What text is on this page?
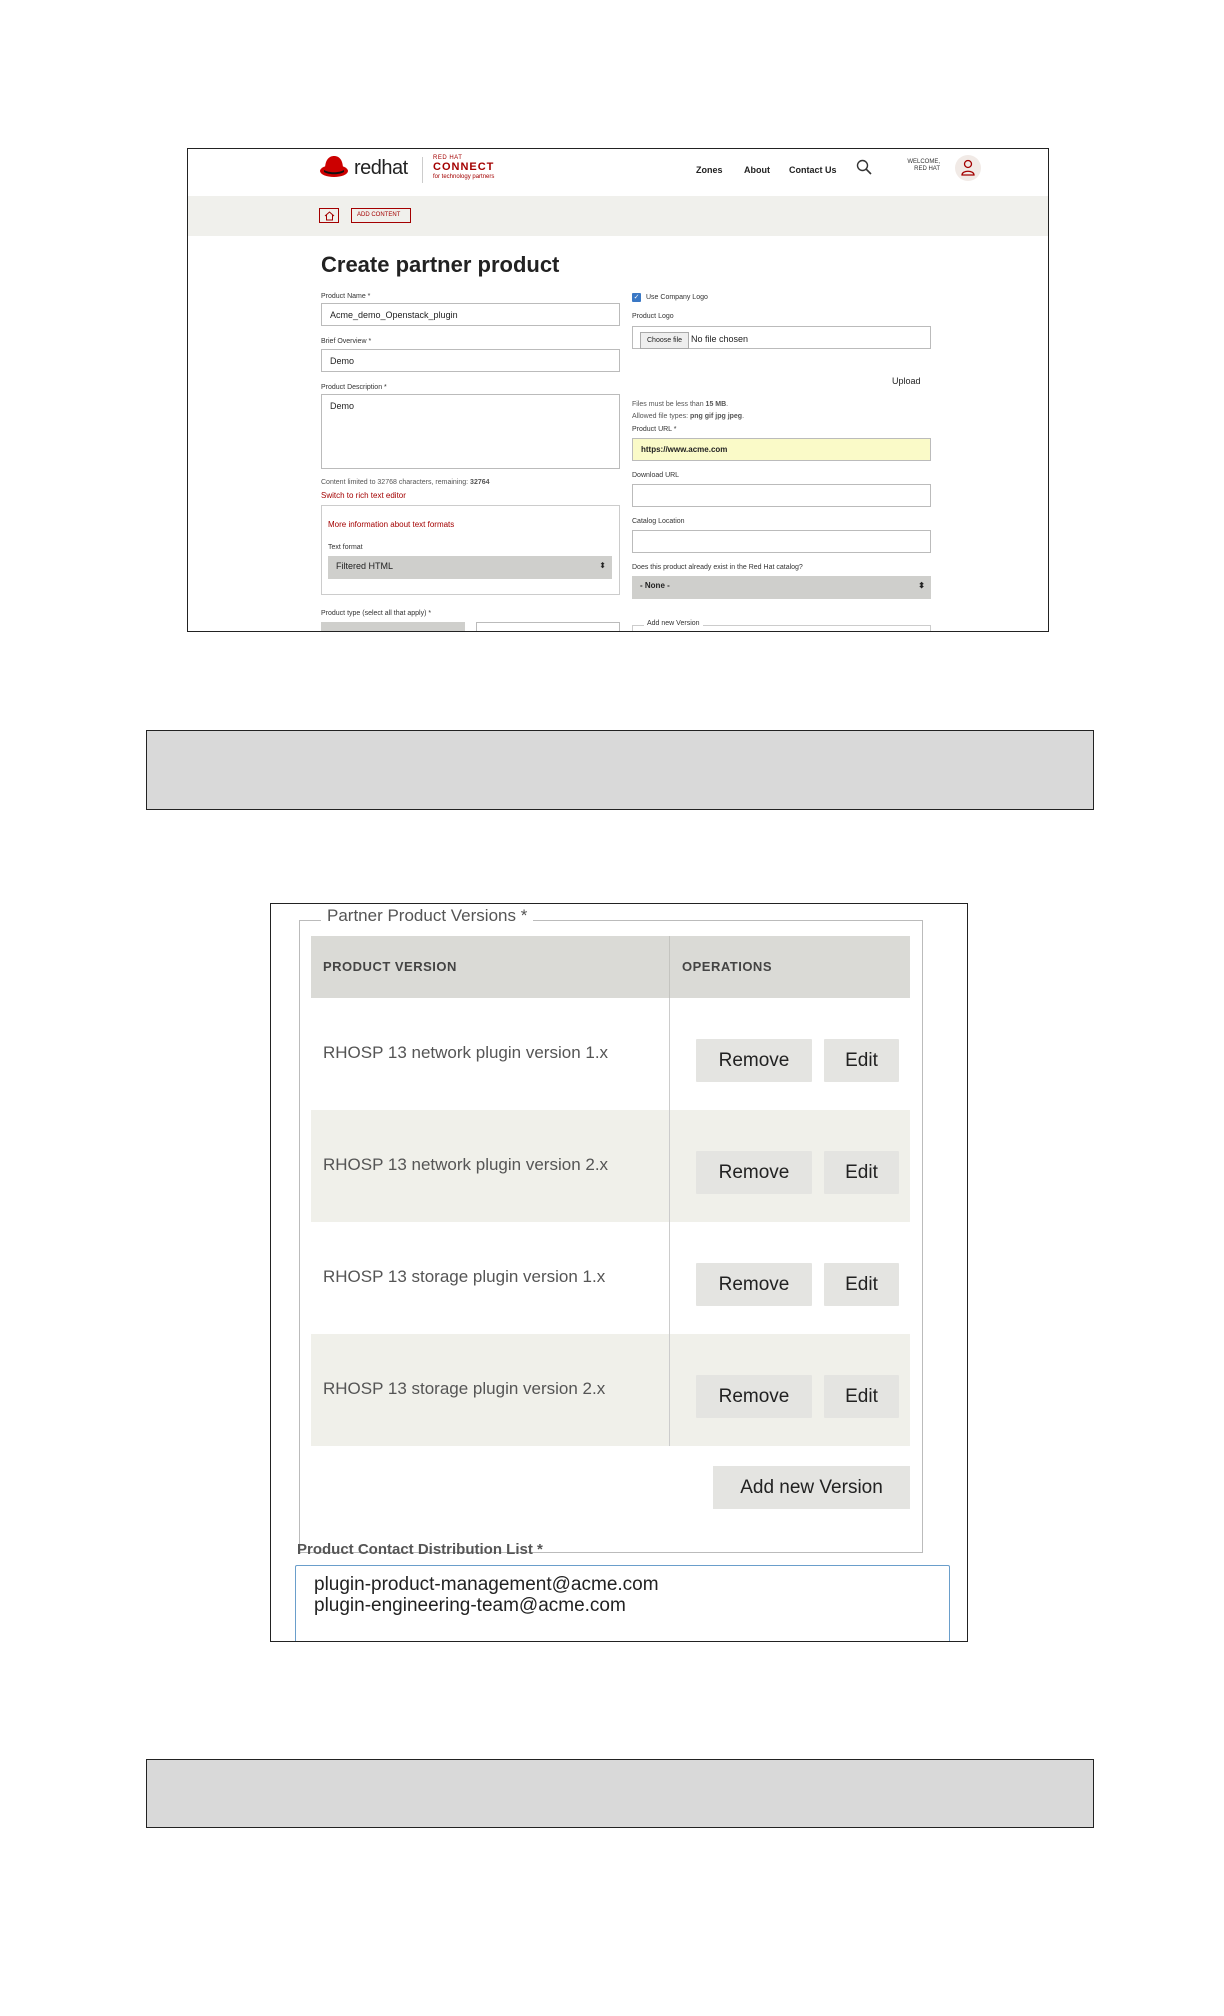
redhat	RED HAT
CONNECT
for technology partners
Zones About Contact Us
WELCOME,
RED HAT
ADD CONTENT
Create partner product
Product Name *
Acme_demo_Openstack_plugin
Brief Overview *
Demo
Product Description *
Demo
Content limited to 32768 characters, remaining: 32764
Switch to rich text editor
More information about text formats
Text format
Filtered HTML	⬍
Product type (select all that apply) *
✓ Use Company Logo
Product Logo
Choose file No file chosen
Upload
Files must be less than 15 MB.
Allowed file types: png gif jpg jpeg.
Product URL *
https://www.acme.com
Download URL
Catalog Location
Does this product already exist in the Red Hat catalog?
- None -	⬍
Add new Version
Partner Product Versions *
PRODUCT VERSION	OPERATIONS
RHOSP 13 network plugin version 1.x	Remove	Edit
RHOSP 13 network plugin version 2.x	Remove	Edit
RHOSP 13 storage plugin version 1.x	Remove	Edit
RHOSP 13 storage plugin version 2.x	Remove	Edit
Add new Version
Product Contact Distribution List *
plugin-product-management@acme.com
plugin-engineering-team@acme.com
